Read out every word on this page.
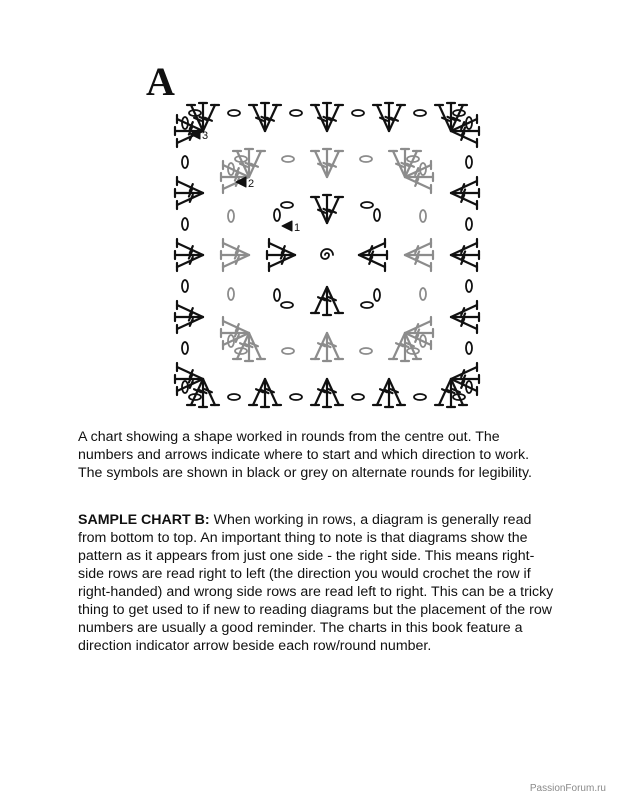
A
1
2
3

A chart showing a shape worked in rounds from the centre out. The numbers and arrows indicate where to start and which direction to work. The symbols are shown in black or grey on alternate rounds for legibility.

SAMPLE CHART B: When working in rows, a diagram is generally read from bottom to top. An important thing to note is that diagrams show the pattern as it appears from just one side - the right side. This means right-side rows are read right to left (the direction you would crochet the row if right-handed) and wrong side rows are read left to right. This can be a tricky thing to get used to if new to reading diagrams but the placement of the row numbers are usually a good reminder. The charts in this book feature a direction indicator arrow beside each row/round number.

PassionForum.ru
